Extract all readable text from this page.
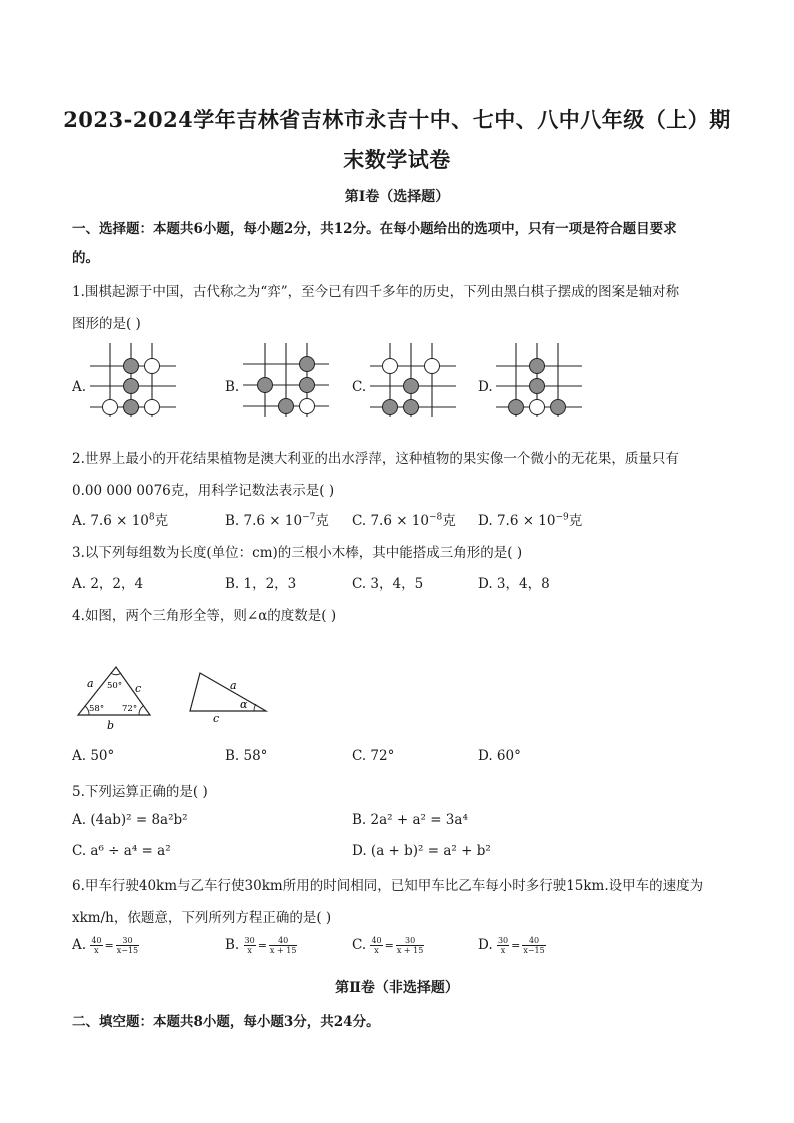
2023-2024学年吉林省吉林市永吉十中、七中、八中八年级（上）期
末数学试卷
第Ⅰ卷（选择题）
一、选择题：本题共6小题，每小题2分，共12分。在每小题给出的选项中，只有一项是符合题目要求
的。
1.围棋起源于中国，古代称之为“弈”，至今已有四千多年的历史，下列由黑白棋子摆成的图案是轴对称
图形的是( )
A.	B.	C.	D.
2.世界上最小的开花结果植物是澳大利亚的出水浮萍，这种植物的果实像一个微小的无花果，质量只有
0.00 000 0076克，用科学记数法表示是( )
A. $7.6 \times 10^8$克	B. $7.6 \times 10^{-7}$克 C. $7.6 \times 10^{-8}$克 D. $7.6 \times 10^{-9}$克
3.以下列每组数为长度(单位：cm)的三根小木棒，其中能搭成三角形的是( )
A. 2，2，4	B. 1，2，3	C. 3，4，5	D. 3，4，8
4.如图，两个三角形全等，则∠α的度数是( )
a	c
b
50°
58° 72°
a
c
α
A. 50°	B. 58°	C. 72°	D. 60°
5.下列运算正确的是( )
A. (4ab)² = 8a²b²	B. 2a² + a² = 3a⁴
C. a⁶ ÷ a⁴ = a²	D. (a + b)² = a² + b²
6.甲车行驶40km与乙车行使30km所用的时间相同，已知甲车比乙车每小时多行驶15km.设甲车的速度为
xkm/h，依题意，下列所列方程正确的是( )
A. $\frac{40}{x} = \frac{30}{x-15}$	B. $\frac{30}{x} = \frac{40}{x + 15}$	C. $\frac{40}{x} = \frac{30}{x + 15}$	D. $\frac{30}{x} = \frac{40}{x-15}$
第Ⅱ卷（非选择题）
二、填空题：本题共8小题，每小题3分，共24分。
